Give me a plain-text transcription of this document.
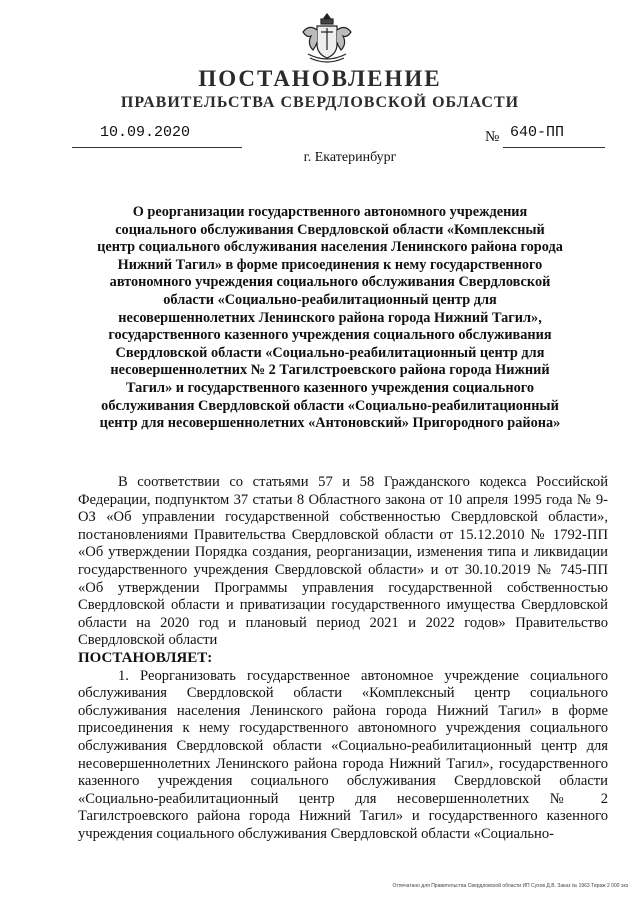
ПОСТАНОВЛЕНИЕ
ПРАВИТЕЛЬСТВА СВЕРДЛОВСКОЙ ОБЛАСТИ
10.09.2020	№ 640-ПП
г. Екатеринбург
О реорганизации государственного автономного учреждения социального обслуживания Свердловской области «Комплексный центр социального обслуживания населения Ленинского района города Нижний Тагил» в форме присоединения к нему государственного автономного учреждения социального обслуживания Свердловской области «Социально-реабилитационный центр для несовершеннолетних Ленинского района города Нижний Тагил», государственного казенного учреждения социального обслуживания Свердловской области «Социально-реабилитационный центр для несовершеннолетних № 2 Тагилстроевского района города Нижний Тагил» и государственного казенного учреждения социального обслуживания Свердловской области «Социально-реабилитационный центр для несовершеннолетних «Антоновский» Пригородного района»

В соответствии со статьями 57 и 58 Гражданского кодекса Российской Федерации, подпунктом 37 статьи 8 Областного закона от 10 апреля 1995 года № 9-ОЗ «Об управлении государственной собственностью Свердловской области», постановлениями Правительства Свердловской области от 15.12.2010 № 1792-ПП «Об утверждении Порядка создания, реорганизации, изменения типа и ликвидации государственного учреждения Свердловской области» и от 30.10.2019 № 745-ПП «Об утверждении Программы управления государственной собственностью Свердловской области и приватизации государственного имущества Свердловской области на 2020 год и плановый период 2021 и 2022 годов» Правительство Свердловской области

ПОСТАНОВЛЯЕТ:

1. Реорганизовать государственное автономное учреждение социального обслуживания Свердловской области «Комплексный центр социального обслуживания населения Ленинского района города Нижний Тагил» в форме присоединения к нему государственного автономного учреждения социального обслуживания Свердловской области «Социально-реабилитационный центр для несовершеннолетних Ленинского района города Нижний Тагил», государственного казенного учреждения социального обслуживания Свердловской области «Социально-реабилитационный центр для несовершеннолетних № 2 Тагилстроевского района города Нижний Тагил» и государственного казенного учреждения социального обслуживания Свердловской области «Социально-

Отпечатано для Правительства Свердловской области ИП Сухов Д.В. Заказ № 1963 Тираж 2 000 экз
